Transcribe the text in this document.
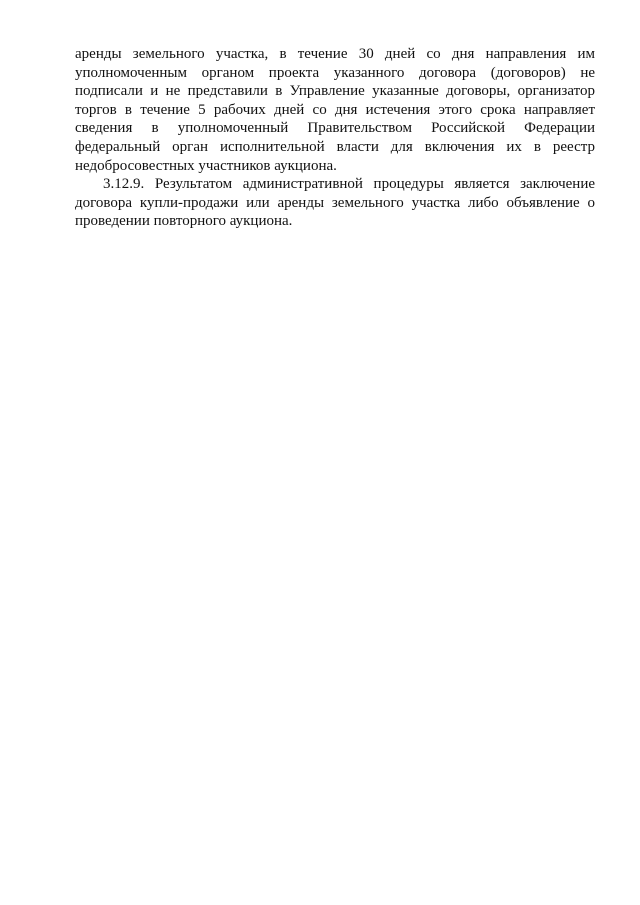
аренды земельного участка, в течение 30 дней со дня направления им
уполномоченным органом проекта указанного договора (договоров) не
подписали и не представили в Управление указанные договоры, организатор
торгов в течение 5 рабочих дней со дня истечения этого срока направляет
сведения в уполномоченный Правительством Российской Федерации
федеральный орган исполнительной власти для включения их в реестр
недобросовестных участников аукциона.

3.12.9. Результатом административной процедуры является заключение
договора купли-продажи или аренды земельного участка либо объявление о
проведении повторного аукциона.
